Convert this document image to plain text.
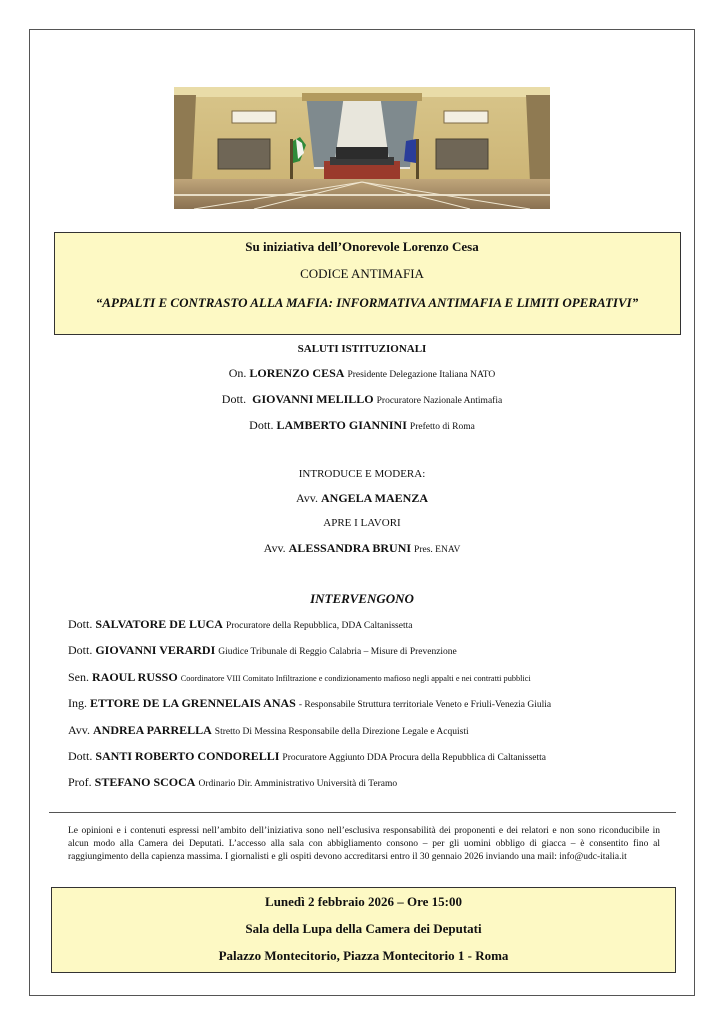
Su iniziativa dell’Onorevole Lorenzo Cesa
CODICE ANTIMAFIA
“APPALTI E CONTRASTO ALLA MAFIA: INFORMATIVA ANTIMAFIA E LIMITI OPERATIVI”
SALUTI ISTITUZIONALI
On. LORENZO CESA Presidente Delegazione Italiana NATO
Dott. GIOVANNI MELILLO Procuratore Nazionale Antimafia
Dott. LAMBERTO GIANNINI Prefetto di Roma
INTRODUCE E MODERA:
Avv. ANGELA MAENZA
APRE I LAVORI
Avv. ALESSANDRA BRUNI Pres. ENAV
INTERVENGONO
Dott. SALVATORE DE LUCA Procuratore della Repubblica, DDA Caltanissetta
Dott. GIOVANNI VERARDI Giudice Tribunale di Reggio Calabria – Misure di Prevenzione
Sen. RAOUL RUSSO Coordinatore VIII Comitato Infiltrazione e condizionamento mafioso negli appalti e nei contratti pubblici
Ing. ETTORE DE LA GRENNELAIS ANAS - Responsabile Struttura territoriale Veneto e Friuli-Venezia Giulia
Avv. ANDREA PARRELLA Stretto Di Messina Responsabile della Direzione Legale e Acquisti
Dott. SANTI ROBERTO CONDORELLI Procuratore Aggiunto DDA Procura della Repubblica di Caltanissetta
Prof. STEFANO SCOCA Ordinario Dir. Amministrativo Università di Teramo
Le opinioni e i contenuti espressi nell’ambito dell’iniziativa sono nell’esclusiva responsabilità dei proponenti e dei relatori e non sono riconducibile in alcun modo alla Camera dei Deputati. L’accesso alla sala con abbigliamento consono – per gli uomini obbligo di giacca – è consentito fino al raggiungimento della capienza massima. I giornalisti e gli ospiti devono accreditarsi entro il 30 gennaio 2026 inviando una mail: info@udc-italia.it
Lunedì 2 febbraio 2026 – Ore 15:00
Sala della Lupa della Camera dei Deputati
Palazzo Montecitorio, Piazza Montecitorio 1 - Roma
